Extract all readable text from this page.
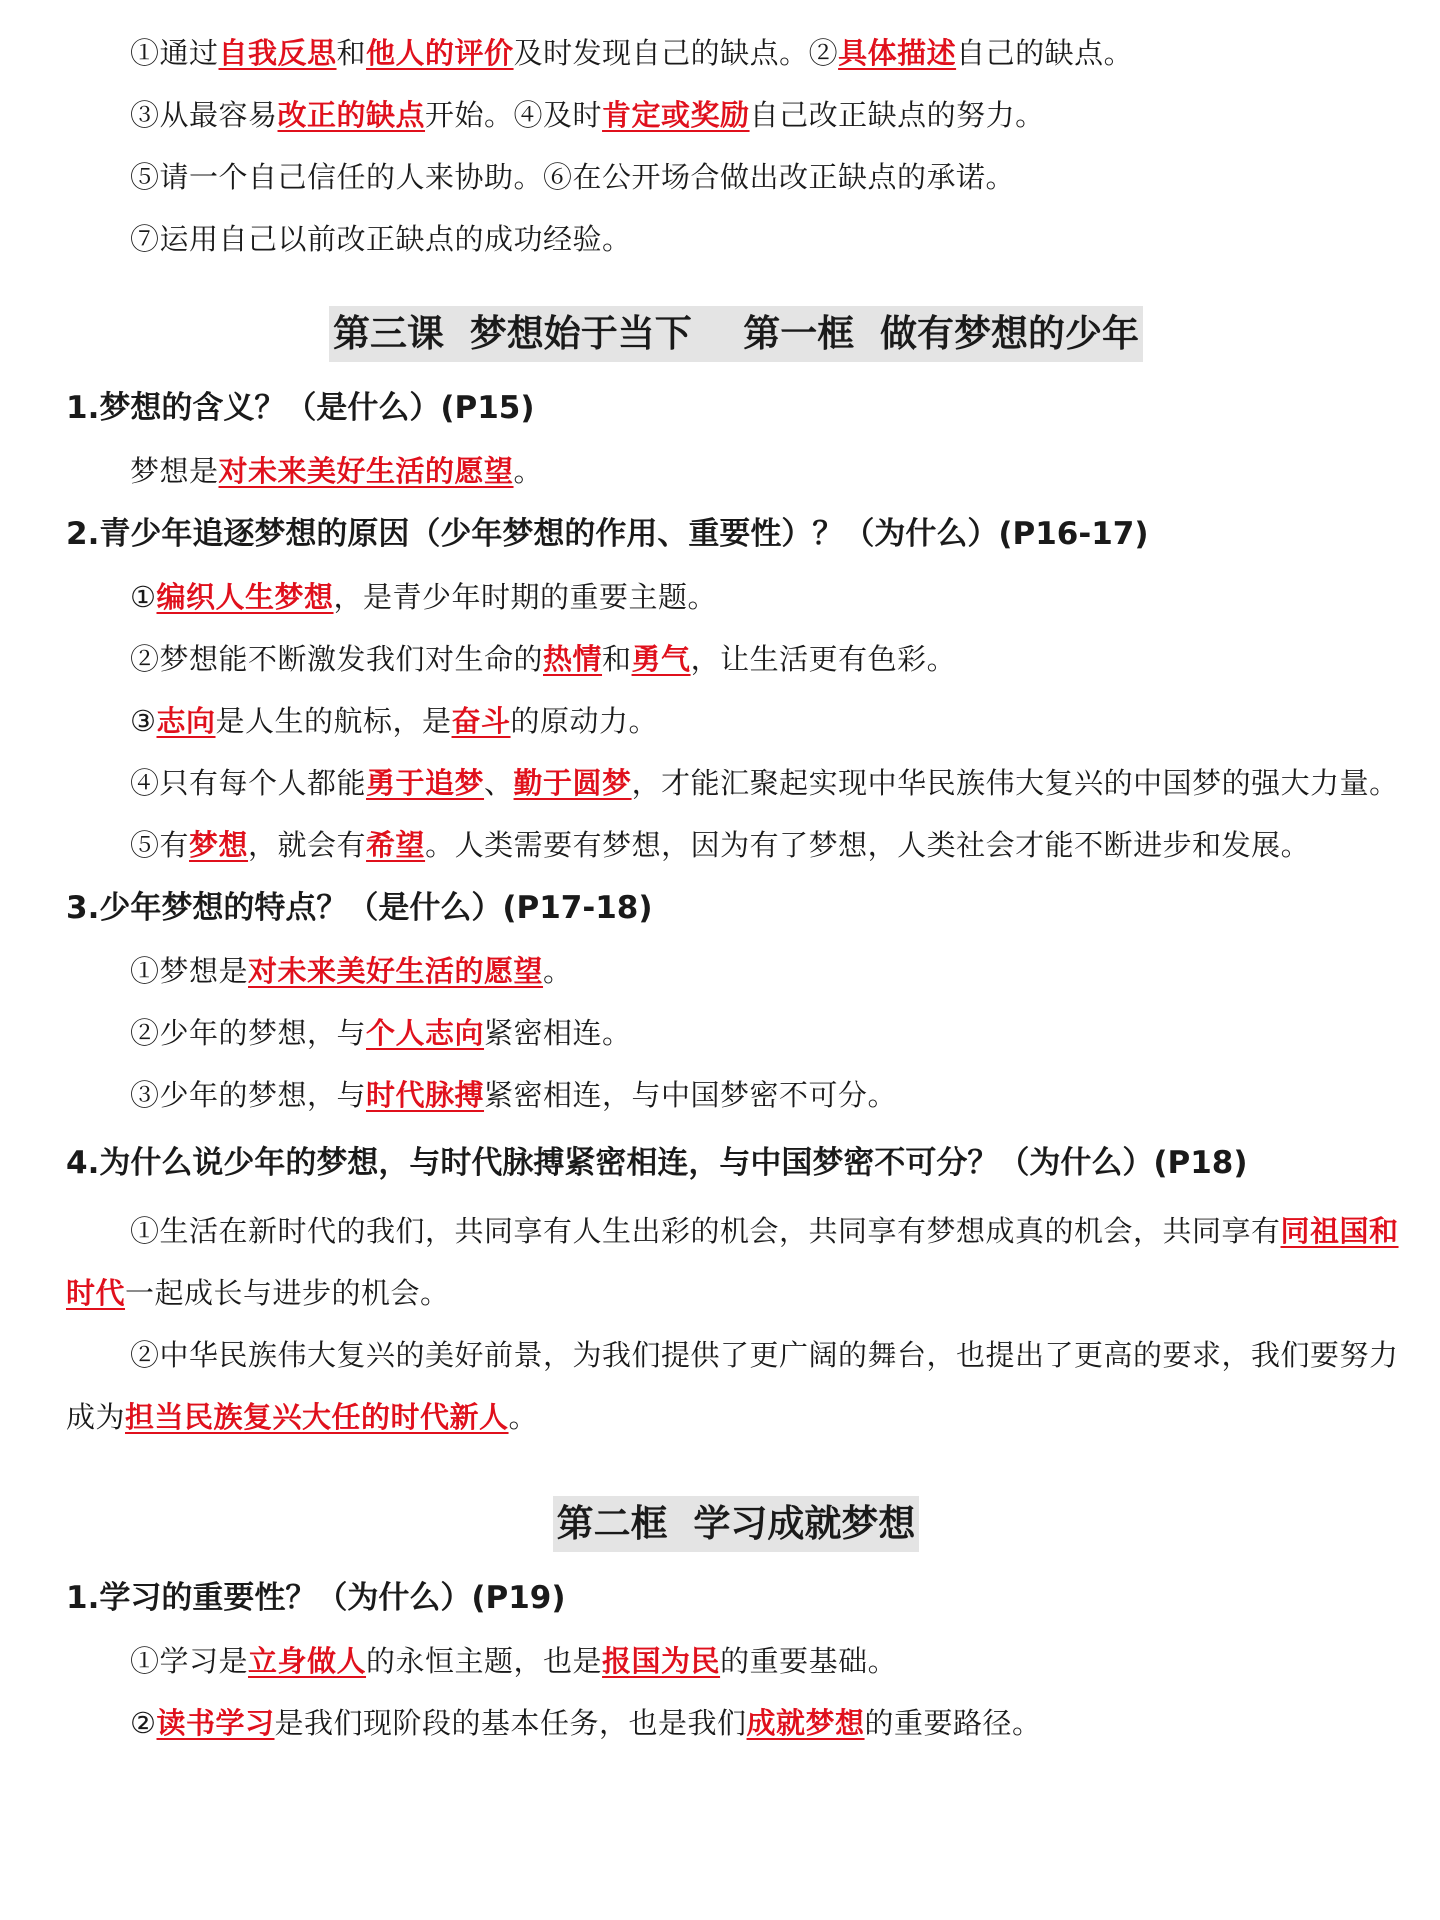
①通过自我反思和他人的评价及时发现自己的缺点。②具体描述自己的缺点。
③从最容易改正的缺点开始。④及时肯定或奖励自己改正缺点的努力。
⑤请一个自己信任的人来协助。⑥在公开场合做出改正缺点的承诺。
⑦运用自己以前改正缺点的成功经验。
第三课  梦想始于当下    第一框  做有梦想的少年
1.梦想的含义？（是什么）(P15)
梦想是对未来美好生活的愿望。
2.青少年追逐梦想的原因（少年梦想的作用、重要性）？（为什么）(P16-17)
①编织人生梦想，是青少年时期的重要主题。
②梦想能不断激发我们对生命的热情和勇气，让生活更有色彩。
③志向是人生的航标，是奋斗的原动力。
④只有每个人都能勇于追梦、勤于圆梦，才能汇聚起实现中华民族伟大复兴的中国梦的强大力量。
⑤有梦想，就会有希望。人类需要有梦想，因为有了梦想，人类社会才能不断进步和发展。
3.少年梦想的特点？（是什么）(P17-18)
①梦想是对未来美好生活的愿望。
②少年的梦想，与个人志向紧密相连。
③少年的梦想，与时代脉搏紧密相连，与中国梦密不可分。
4.为什么说少年的梦想，与时代脉搏紧密相连，与中国梦密不可分？（为什么）(P18)
①生活在新时代的我们，共同享有人生出彩的机会，共同享有梦想成真的机会，共同享有同祖国和时代一起成长与进步的机会。
②中华民族伟大复兴的美好前景，为我们提供了更广阔的舞台，也提出了更高的要求，我们要努力成为担当民族复兴大任的时代新人。
第二框  学习成就梦想
1.学习的重要性？（为什么）(P19)
①学习是立身做人的永恒主题，也是报国为民的重要基础。
②读书学习是我们现阶段的基本任务，也是我们成就梦想的重要路径。
